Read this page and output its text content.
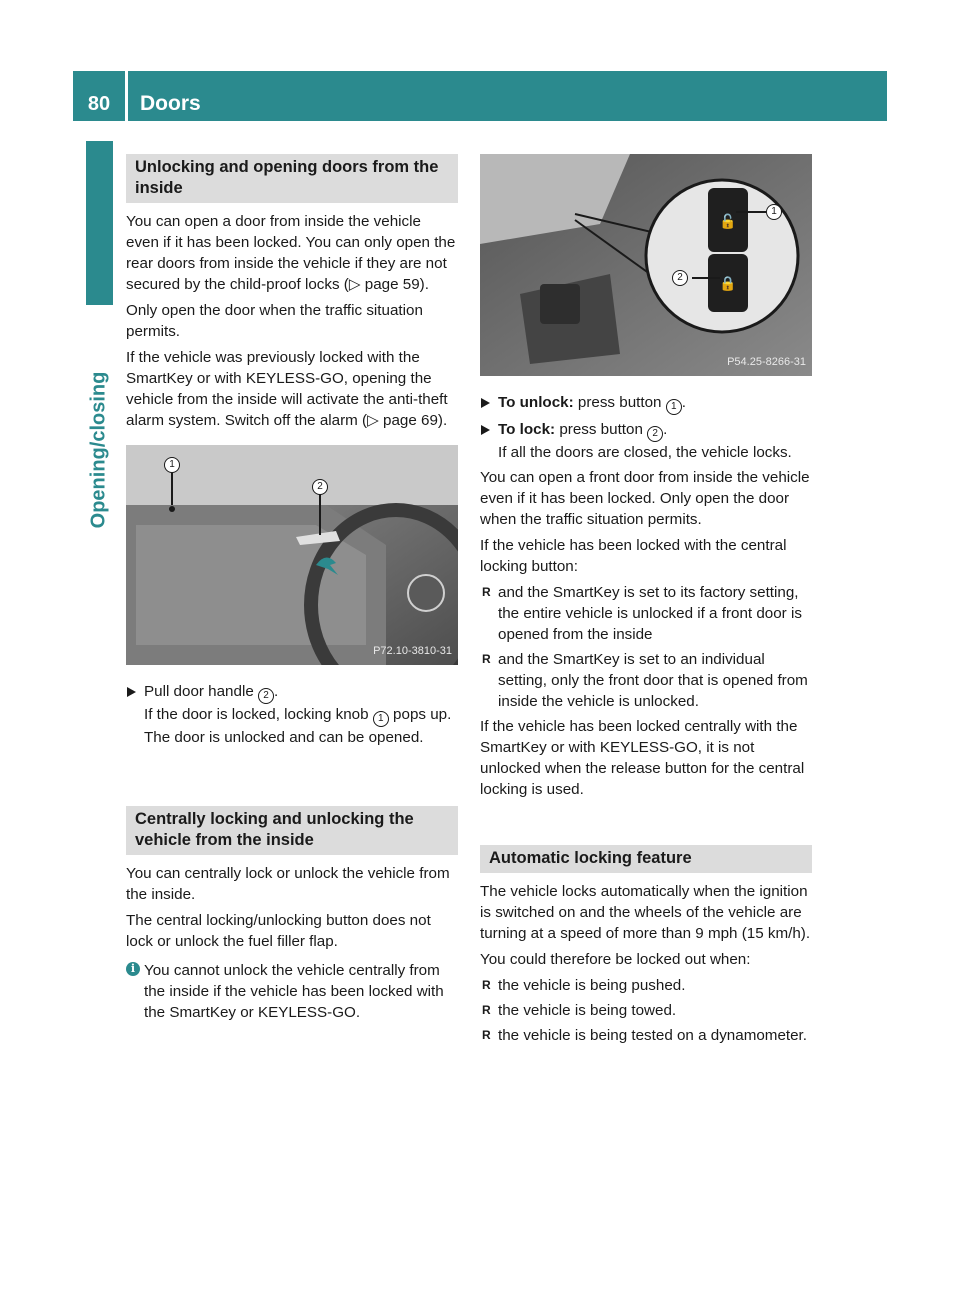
80	Doors
Opening/closing
Unlocking and opening doors from the inside

You can open a door from inside the vehicle even if it has been locked. You can only open the rear doors from inside the vehicle if they are not secured by the child-proof locks (▷ page 59).

Only open the door when the traffic situation permits.

If the vehicle was previously locked with the SmartKey or with KEYLESS-GO, opening the vehicle from the inside will activate the anti-theft alarm system. Switch off the alarm (▷ page 69).

1
2
P72.10-3810-31
Pull door handle 2 .
If the door is locked, locking knob 1 pops up. The door is unlocked and can be opened.
Centrally locking and unlocking the vehicle from the inside

You can centrally lock or unlock the vehicle from the inside.

The central locking/unlocking button does not lock or unlock the fuel filler flap.

i You cannot unlock the vehicle centrally from the inside if the vehicle has been locked with the SmartKey or KEYLESS-GO.
🔓
🔒
1
2
P54.25-8266-31
To unlock: press button 1 .
To lock: press button 2 .
If all the doors are closed, the vehicle locks.

You can open a front door from inside the vehicle even if it has been locked. Only open the door when the traffic situation permits.

If the vehicle has been locked with the central locking button:

R and the SmartKey is set to its factory setting, the entire vehicle is unlocked if a front door is opened from the inside
R and the SmartKey is set to an individual setting, only the front door that is opened from inside the vehicle is unlocked.

If the vehicle has been locked centrally with the SmartKey or with KEYLESS-GO, it is not unlocked when the release button for the central locking is used.

Automatic locking feature

The vehicle locks automatically when the ignition is switched on and the wheels of the vehicle are turning at a speed of more than 9 mph (15 km/h).

You could therefore be locked out when:

R the vehicle is being pushed.
R the vehicle is being towed.
R the vehicle is being tested on a dynamometer.
